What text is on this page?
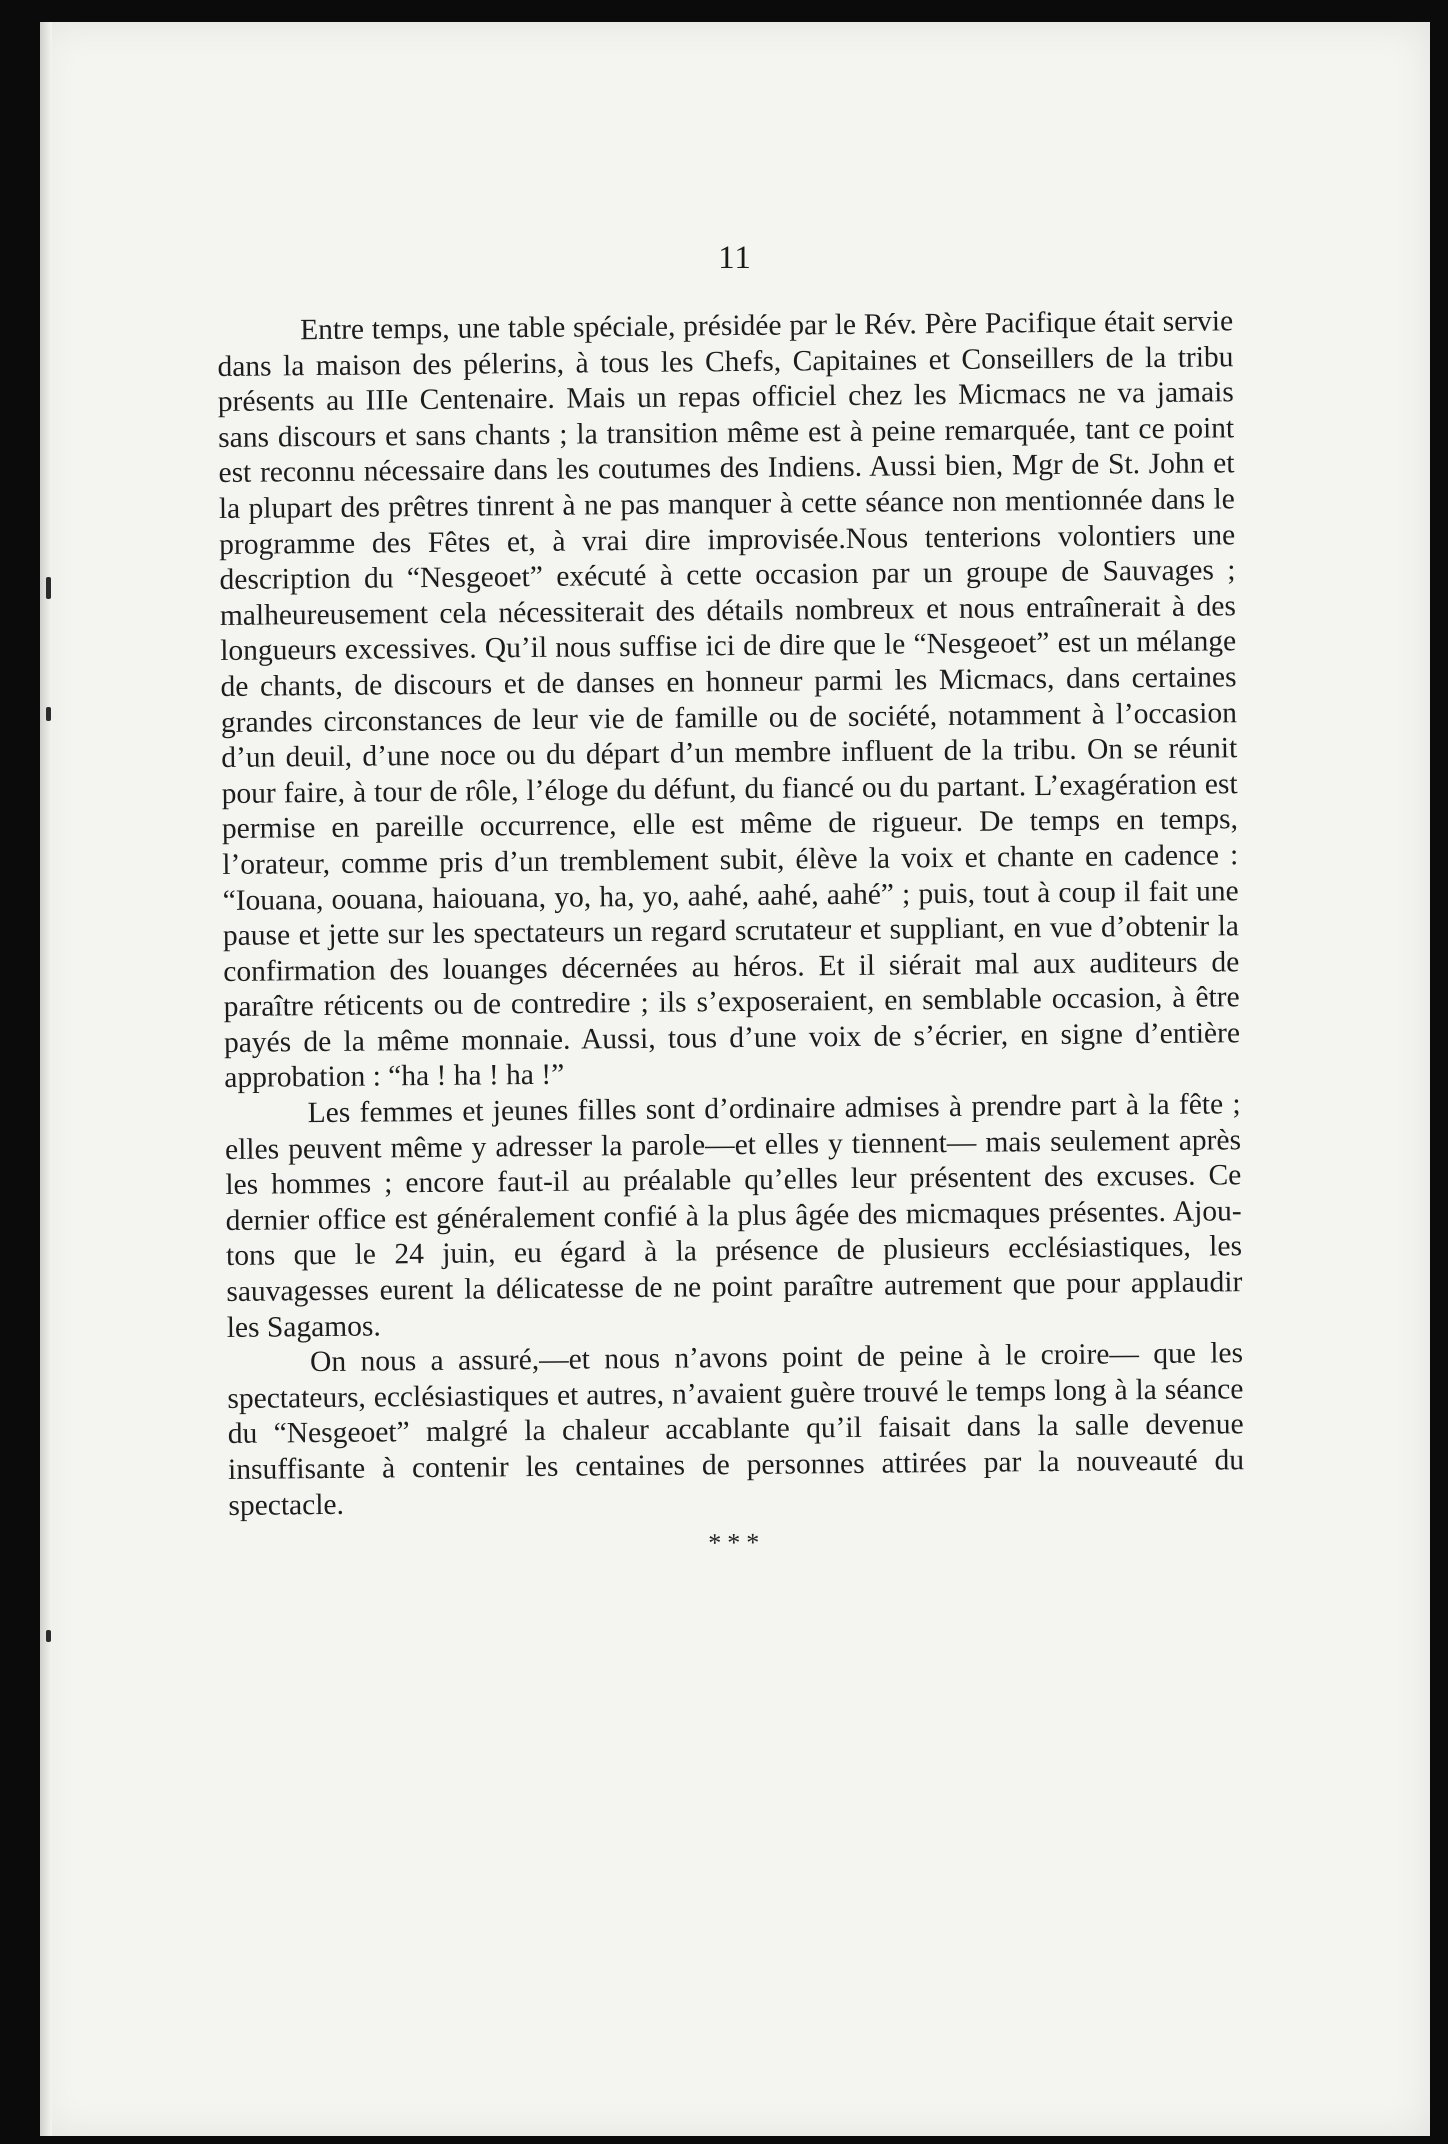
11

Entre temps, une table spéciale, présidée par le Rév. Père Pacifique était servie dans la maison des pélerins, à tous les Chefs, Capitaines et Conseillers de la tribu présents au IIIe Centenaire. Mais un repas officiel chez les Micmacs ne va jamais sans discours et sans chants ; la transition même est à peine remarquée, tant ce point est reconnu nécessaire dans les coutumes des Indiens. Aussi bien, Mgr de St. John et la plupart des prêtres tinrent à ne pas manquer à cette séance non mentionnée dans le programme des Fêtes et, à vrai dire improvisée.Nous tenterions volontiers une description du “Nesgeoet” exécuté à cette occasion par un groupe de Sauvages ; malheureusement cela nécessiterait des détails nombreux et nous entraînerait à des longueurs excessives. Qu’il nous suffise ici de dire que le “Nesgeoet” est un mélange de chants, de discours et de danses en honneur parmi les Micmacs, dans certaines grandes circonstances de leur vie de famille ou de société, notamment à l’occasion d’un deuil, d’une noce ou du départ d’un membre influent de la tribu. On se réunit pour faire, à tour de rôle, l’éloge du défunt, du fiancé ou du partant. L’exagération est permise en pareille occurrence, elle est même de rigueur. De temps en temps, l’orateur, comme pris d’un tremblement subit, élève la voix et chante en cadence : “Iouana, oouana, haiouana, yo, ha, yo, aahé, aahé, aahé” ; puis, tout à coup il fait une pause et jette sur les spectateurs un regard scrutateur et suppliant, en vue d’obtenir la confirmation des louanges décernées au héros. Et il siérait mal aux auditeurs de paraître réticents ou de contredire ; ils s’exposeraient, en semblable occasion, à être payés de la même monnaie. Aussi, tous d’une voix de s’écrier, en signe d’entière approbation : “ha ! ha ! ha !”

Les femmes et jeunes filles sont d’ordinaire admises à prendre part à la fête ; elles peuvent même y adresser la parole—et elles y tiennent— mais seulement après les hommes ; encore faut-il au préalable qu’elles leur présentent des excuses. Ce dernier office est généralement confié à la plus âgée des micmaques présentes. Ajoutons que le 24 juin, eu égard à la présence de plusieurs ecclésiastiques, les sauvagesses eurent la délicatesse de ne point paraître autrement que pour applaudir les Sagamos.

On nous a assuré,—et nous n’avons point de peine à le croire— que les spectateurs, ecclésiastiques et autres, n’avaient guère trouvé le temps long à la séance du “Nesgeoet” malgré la chaleur accablante qu’il faisait dans la salle devenue insuffisante à contenir les centaines de personnes attirées par la nouveauté du spectacle.

***
